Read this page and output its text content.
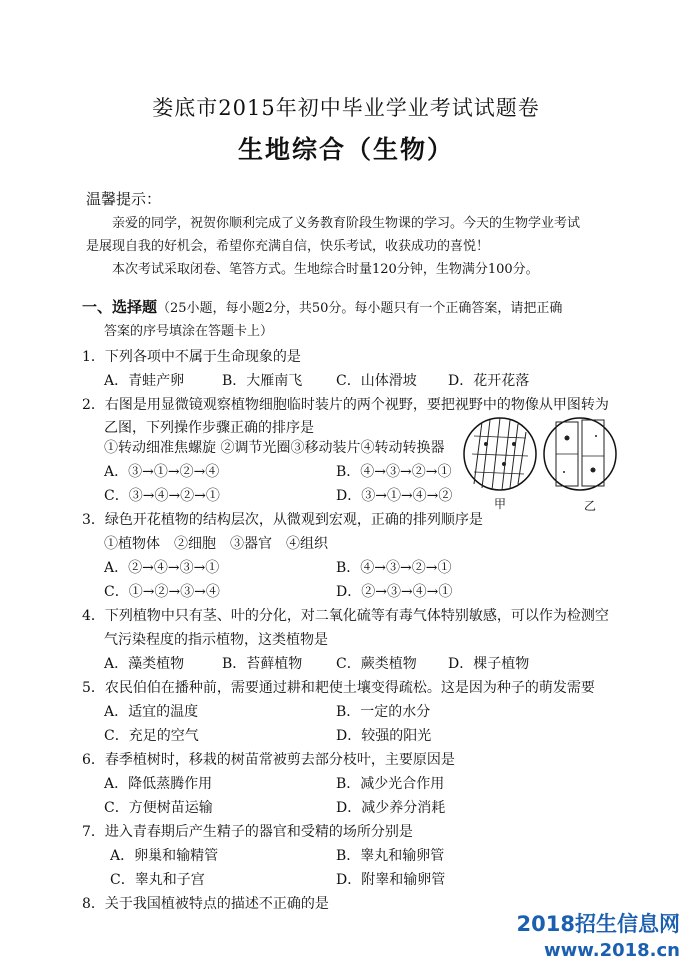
娄底市2015年初中毕业学业考试试题卷
生地综合（生物）
温馨提示：
亲爱的同学，祝贺你顺利完成了义务教育阶段生物课的学习。今天的生物学业考试
是展现自我的好机会，希望你充满自信，快乐考试，收获成功的喜悦！
本次考试采取闭卷、笔答方式。生地综合时量120分钟，生物满分100分。
一、选择题（25小题，每小题2分，共50分。每小题只有一个正确答案，请把正确
答案的序号填涂在答题卡上）
1．下列各项中不属于生命现象的是
A．青蛙产卵	B．大雁南飞 C．山体滑坡 D．花开花落
2．右图是用显微镜观察植物细胞临时装片的两个视野，要把视野中的物像从甲图转为
乙图，下列操作步骤正确的排序是
①转动细准焦螺旋 ②调节光圈③移动装片④转动转换器
A．③→①→②→④	B．④→③→②→①
C．③→④→②→①	D．③→①→④→②	甲	乙
3．绿色开花植物的结构层次，从微观到宏观，正确的排列顺序是
①植物体　②细胞　③器官　④组织
A．②→④→③→①	B．④→③→②→①
C．①→②→③→④	D．②→③→④→①
4．下列植物中只有茎、叶的分化，对二氧化硫等有毒气体特别敏感，可以作为检测空
气污染程度的指示植物，这类植物是
A．藻类植物	B．苔藓植物 C．蕨类植物 D．棵子植物
5．农民伯伯在播种前，需要通过耕和耙使土壤变得疏松。这是因为种子的萌发需要
A．适宜的温度	B．一定的水分
C．充足的空气	D．较强的阳光
6．春季植树时，移栽的树苗常被剪去部分枝叶，主要原因是
A．降低蒸腾作用	B．减少光合作用
C．方便树苗运输	D．减少养分消耗
7．进入青春期后产生精子的器官和受精的场所分别是
A．卵巢和输精管	B．睾丸和输卵管
C．睾丸和子宫	D．附睾和输卵管
8．关于我国植被特点的描述不正确的是
2018招生信息网
www.2018.cn
